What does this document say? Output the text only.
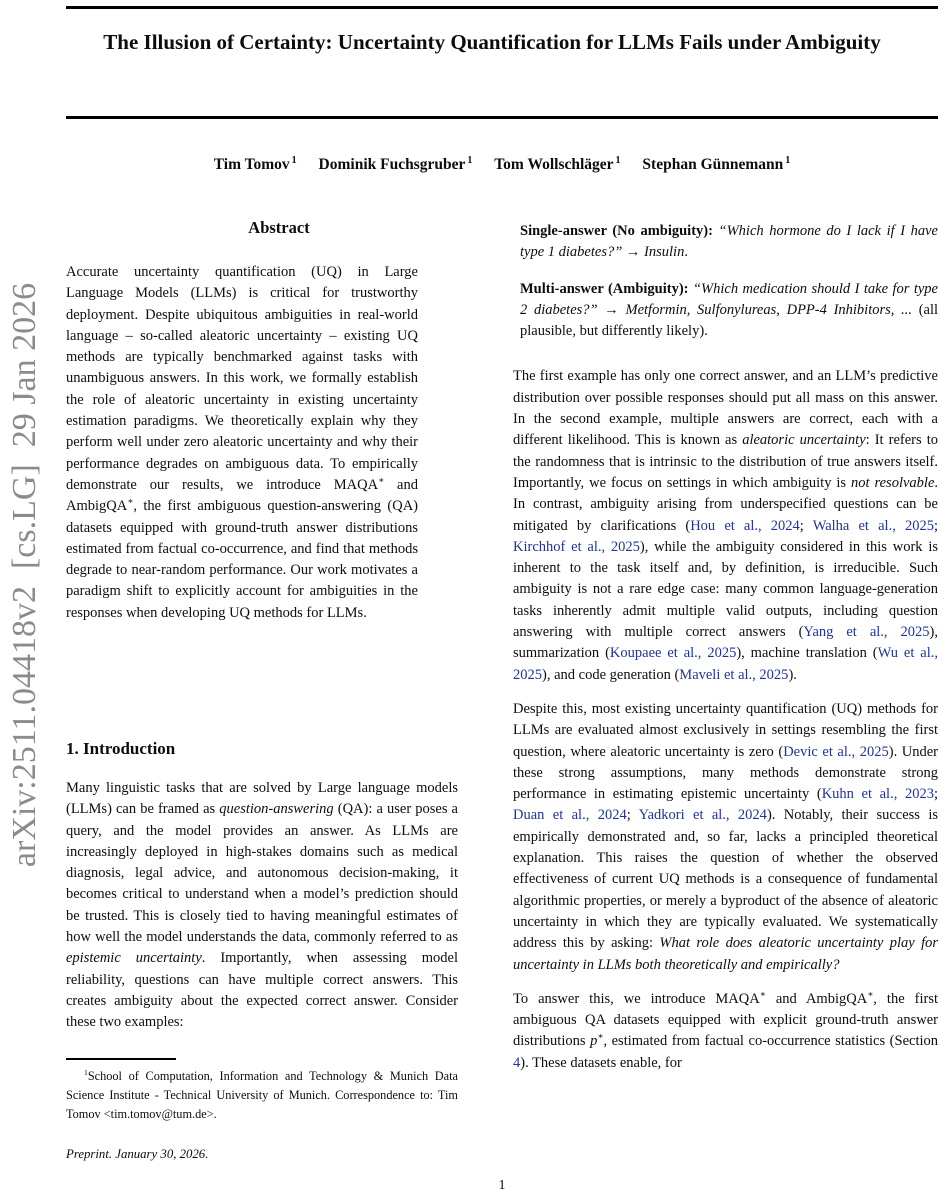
arXiv:2511.04418v2  [cs.LG]  29 Jan 2026
The Illusion of Certainty: Uncertainty Quantification for LLMs Fails under Ambiguity
Tim Tomov $^1$ Dominik Fuchsgruber $^1$ Tom Wollschläger $^1$ Stephan Günnemann $^1$
Abstract

Accurate uncertainty quantification (UQ) in Large Language Models (LLMs) is critical for trustworthy deployment. Despite ubiquitous ambiguities in real-world language – so-called aleatoric uncertainty – existing UQ methods are typically benchmarked against tasks with unambiguous answers. In this work, we formally establish the role of aleatoric uncertainty in existing uncertainty estimation paradigms. We theoretically explain why they perform well under zero aleatoric uncertainty and why their performance degrades on ambiguous data. To empirically demonstrate our results, we introduce MAQA∗ and AmbigQA∗, the first ambiguous question-answering (QA) datasets equipped with ground-truth answer distributions estimated from factual co-occurrence, and find that methods degrade to near-random performance. Our work motivates a paradigm shift to explicitly account for ambiguities in the responses when developing UQ methods for LLMs.

1. Introduction

Many linguistic tasks that are solved by Large language models (LLMs) can be framed as question-answering (QA): a user poses a query, and the model provides an answer. As LLMs are increasingly deployed in high-stakes domains such as medical diagnosis, legal advice, and autonomous decision-making, it becomes critical to understand when a model’s prediction should be trusted. This is closely tied to having meaningful estimates of how well the model understands the data, commonly referred to as epistemic uncertainty. Importantly, when assessing model reliability, questions can have multiple correct answers. This creates ambiguity about the expected correct answer. Consider these two examples:

Single-answer (No ambiguity): “Which hormone do I lack if I have type 1 diabetes?” → Insulin.

Multi-answer (Ambiguity): “Which medication should I take for type 2 diabetes?” → Metformin, Sulfonylureas, DPP-4 Inhibitors, ... (all plausible, but differently likely).

The first example has only one correct answer, and an LLM’s predictive distribution over possible responses should put all mass on this answer. In the second example, multiple answers are correct, each with a different likelihood. This is known as aleatoric uncertainty: It refers to the randomness that is intrinsic to the distribution of true answers itself. Importantly, we focus on settings in which ambiguity is not resolvable. In contrast, ambiguity arising from underspecified questions can be mitigated by clarifications (Hou et al., 2024; Walha et al., 2025; Kirchhof et al., 2025), while the ambiguity considered in this work is inherent to the task itself and, by definition, is irreducible. Such ambiguity is not a rare edge case: many common language-generation tasks inherently admit multiple valid outputs, including question answering with multiple correct answers (Yang et al., 2025), summarization (Koupaee et al., 2025), machine translation (Wu et al., 2025), and code generation (Maveli et al., 2025).

Despite this, most existing uncertainty quantification (UQ) methods for LLMs are evaluated almost exclusively in settings resembling the first question, where aleatoric uncertainty is zero (Devic et al., 2025). Under these strong assumptions, many methods demonstrate strong performance in estimating epistemic uncertainty (Kuhn et al., 2023; Duan et al., 2024; Yadkori et al., 2024). Notably, their success is empirically demonstrated and, so far, lacks a principled theoretical explanation. This raises the question of whether the observed effectiveness of current UQ methods is a consequence of fundamental algorithmic properties, or merely a byproduct of the absence of aleatoric uncertainty in which they are typically evaluated. We systematically address this by asking: What role does aleatoric uncertainty play for uncertainty in LLMs both theoretically and empirically?

To answer this, we introduce MAQA∗ and AmbigQA∗, the first ambiguous QA datasets equipped with explicit ground-truth answer distributions p∗, estimated from factual co-occurrence statistics (Section 4). These datasets enable, for

$^1$School of Computation, Information and Technology & Munich Data Science Institute - Technical University of Munich. Correspondence to: Tim Tomov <tim.tomov@tum.de>.

Preprint. January 30, 2026.

1
